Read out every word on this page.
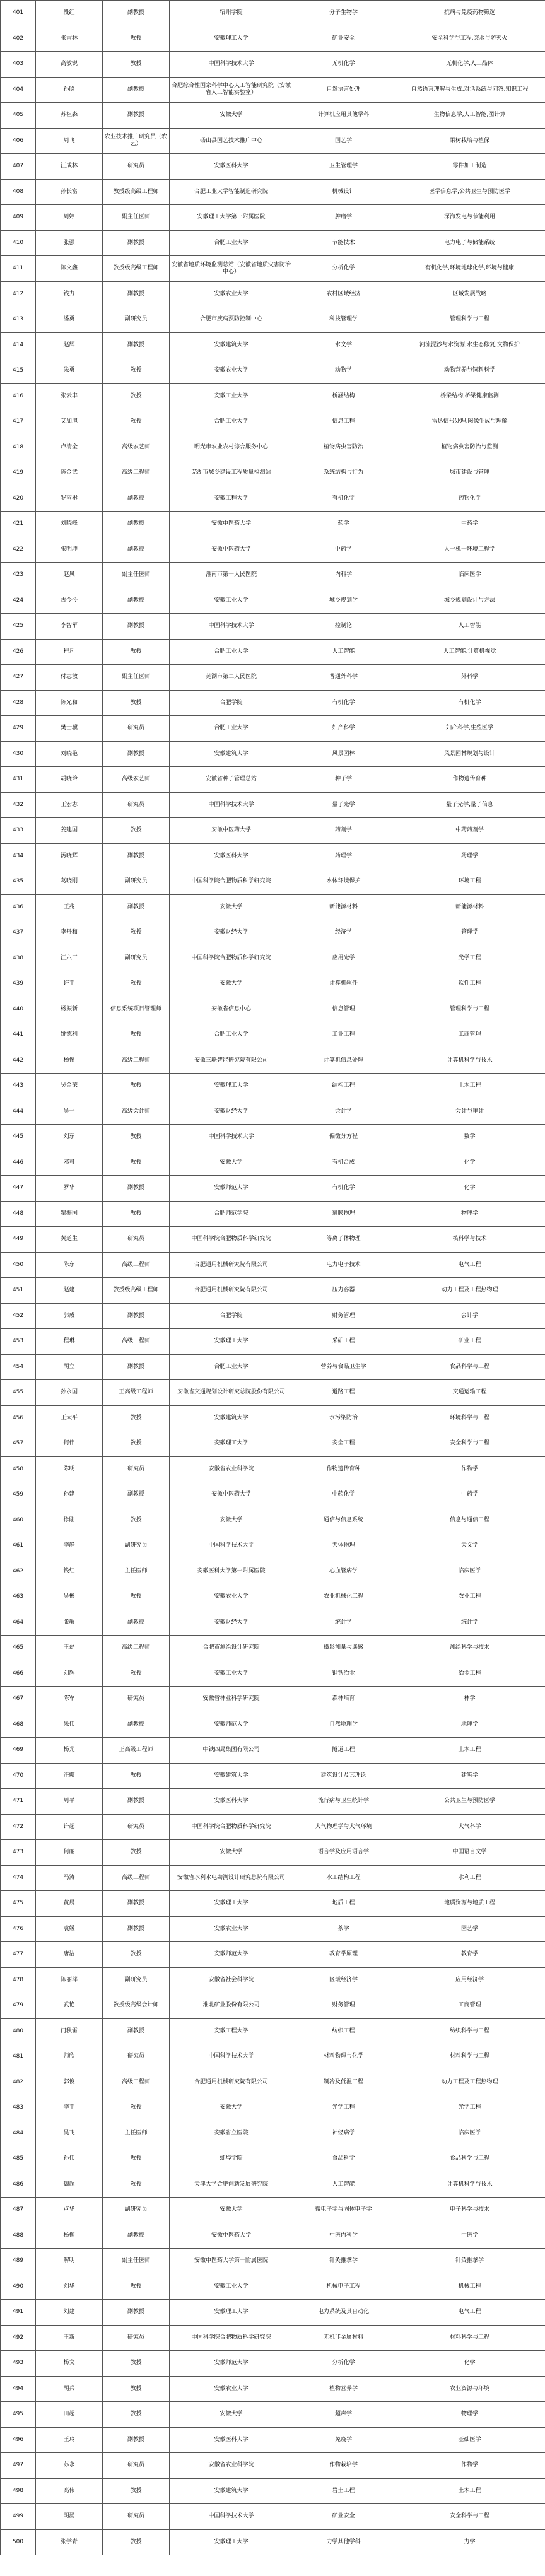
401	段红	副教授	宿州学院	分子生物学	抗病与免疫药物筛选
402	张雷林	教授	安徽理工大学	矿业安全	安全科学与工程,突水与防灭火
403	高敏锐	教授	中国科学技术大学	无机化学	无机化学,人工晶体
404	孙晓	副教授	合肥综合性国家科学中心人工智能研究院（安徽省人工智能实验室）	自然语言处理	自然语言理解与生成,对话系统与问答,知识工程
405	苏祖森	副教授	安徽大学	计算机应用其他学科	生物信息学,人工智能,图计算
406	周飞	农业技术推广研究员（农艺）	砀山县园艺技术推广中心	园艺学	果树栽培与植保
407	汪成林	研究员	安徽医科大学	卫生管理学	零件加工制造
408	孙长富	教授级高级工程师	合肥工业大学智能制造研究院	机械设计	医学信息学,公共卫生与预防医学
409	周婷	副主任医师	安徽理工大学第一附属医院	肿瘤学	深海发电与节能利用
410	张强	副教授	合肥工业大学	节能技术	电力电子与储能系统
411	陈文鑫	教授级高级工程师	安徽省地质环境监测总站（安徽省地质灾害防治中心）	分析化学	有机化学,环境地球化学,环境与健康
412	钱力	副教授	安徽农业大学	农村区域经济	区域发展战略
413	潘勇	副研究员	合肥市疾病预防控制中心	科技管理学	管理科学与工程
414	赵辉	副教授	安徽建筑大学	水文学	河流泥沙与水资源,水生态修复,文物保护
415	朱勇	教授	安徽农业大学	动物学	动物营养与饲料科学
416	张云丰	教授	安徽工业大学	桥涵结构	桥梁结构,桥梁健康监测
417	艾加旭	教授	合肥工业大学	信息工程	雷达信号处理,图像生成与理解
418	卢清全	高级农艺师	明光市农业农村综合服务中心	植物病虫害防治	植物病虫害防治与监测
419	陈金武	高级工程师	芜湖市城乡建设工程质量检测站	系统结构与行为	城市建设与管理
420	罗雨彬	副教授	安徽工程大学	有机化学	药物化学
421	刘晓峰	副教授	安徽中医药大学	药学	中药学
422	张明坤	副教授	安徽中医药大学	中药学	人一机一环境工程学
423	赵凤	副主任医师	淮南市第一人民医院	内科学	临床医学
424	古今今	副教授	安徽工业大学	城乡规划学	城乡规划设计与方法
425	李智军	副教授	中国科学技术大学	控制论	人工智能
426	程凡	教授	合肥工业大学	人工智能	人工智能,计算机视觉
427	付志敏	副主任医师	芜湖市第二人民医院	普通外科学	外科学
428	陈光和	教授	合肥学院	有机化学	有机化学
429	樊士骥	研究员	合肥工业大学	妇产科学	妇产科学,生殖医学
430	刘晓艳	副教授	安徽建筑大学	风景园林	风景园林规划与设计
431	胡晓玲	高级农艺师	安徽省种子管理总站	种子学	作物遗传育种
432	王宏志	研究员	中国科学技术大学	量子光学	量子光学,量子信息
433	姜建国	教授	安徽中医药大学	药剂学	中药药剂学
434	汤晓辉	副教授	安徽医科大学	药理学	药理学
435	葛晓刚	副研究员	中国科学院合肥物质科学研究院	水体环境保护	环境工程
436	王兆	副教授	安徽大学	新能源材料	新能源材料
437	李丹和	教授	安徽财经大学	经济学	管理学
438	汪六三	副研究员	中国科学院合肥物质科学研究院	应用光学	光学工程
439	许平	教授	安徽大学	计算机软件	软件工程
440	杨振新	信息系统项目管理师	安徽省信息中心	信息管理	管理科学与工程
441	姚德利	教授	合肥工业大学	工业工程	工商管理
442	杨俊	高级工程师	安徽三联智能研究院有限公司	计算机信息处理	计算机科学与技术
443	吴金荣	教授	安徽理工大学	结构工程	土木工程
444	吴一	高级会计师	安徽财经大学	会计学	会计与审计
445	刘东	教授	中国科学技术大学	偏微分方程	数学
446	邓可	教授	安徽大学	有机合成	化学
447	罗华	副教授	安徽师范大学	有机化学	化学
448	瞿振国	教授	合肥师范学院	薄膜物理	物理学
449	黄道生	研究员	中国科学院合肥物质科学研究院	等离子体物理	核科学与技术
450	陈东	高级工程师	合肥通用机械研究院有限公司	电力电子技术	电气工程
451	赵建	教授级高级工程师	合肥通用机械研究院有限公司	压力容器	动力工程及工程热物理
452	郭成	副教授	合肥学院	财务管理	会计学
453	程琳	高级工程师	安徽理工大学	采矿工程	矿业工程
454	胡立	副教授	合肥工业大学	营养与食品卫生学	食品科学与工程
455	孙永国	正高级工程师	安徽省交通规划设计研究总院股份有限公司	道路工程	交通运输工程
456	王大平	教授	安徽建筑大学	水污染防治	环境科学与工程
457	何伟	教授	安徽理工大学	安全工程	安全科学与工程
458	陈明	研究员	安徽省农业科学院	作物遗传育种	作物学
459	孙建	副教授	安徽中医药大学	中药化学	中药学
460	徐刚	教授	安徽大学	通信与信息系统	信息与通信工程
461	李静	副研究员	中国科学技术大学	天体物理	天文学
462	钱红	主任医师	安徽医科大学第一附属医院	心血管病学	临床医学
463	吴彬	教授	安徽农业大学	农业机械化工程	农业工程
464	张敏	副教授	安徽财经大学	统计学	统计学
465	王磊	高级工程师	合肥市测绘设计研究院	摄影测量与遥感	测绘科学与技术
466	刘辉	教授	安徽工业大学	钢铁冶金	冶金工程
467	陈军	研究员	安徽省林业科学研究院	森林培育	林学
468	朱伟	副教授	安徽师范大学	自然地理学	地理学
469	杨光	正高级工程师	中铁四局集团有限公司	隧道工程	土木工程
470	汪娜	教授	安徽建筑大学	建筑设计及其理论	建筑学
471	周平	副教授	安徽医科大学	流行病与卫生统计学	公共卫生与预防医学
472	许超	研究员	中国科学院合肥物质科学研究院	大气物理学与大气环境	大气科学
473	何丽	教授	安徽大学	语言学及应用语言学	中国语言文学
474	马涛	高级工程师	安徽省水利水电勘测设计研究总院有限公司	水工结构工程	水利工程
475	黄晨	副教授	安徽理工大学	地质工程	地质资源与地质工程
476	袁媛	副教授	安徽农业大学	茶学	园艺学
477	唐洁	教授	安徽师范大学	教育学原理	教育学
478	陈丽萍	副研究员	安徽省社会科学院	区域经济学	应用经济学
479	武艳	教授级高级会计师	淮北矿业股份有限公司	财务管理	工商管理
480	门秋雷	副教授	安徽工程大学	纺织工程	纺织科学与工程
481	师欣	研究员	中国科学技术大学	材料物理与化学	材料科学与工程
482	郭俊	高级工程师	合肥通用机械研究院有限公司	制冷及低温工程	动力工程及工程热物理
483	李平	教授	安徽大学	光学工程	光学工程
484	吴飞	主任医师	安徽省立医院	神经病学	临床医学
485	孙伟	教授	蚌埠学院	食品科学	食品科学与工程
486	魏超	教授	天津大学合肥创新发展研究院	人工智能	计算机科学与技术
487	卢华	副研究员	安徽大学	微电子学与固体电子学	电子科学与技术
488	杨柳	副教授	安徽中医药大学	中医内科学	中医学
489	解明	副主任医师	安徽中医药大学第一附属医院	针灸推拿学	针灸推拿学
490	刘华	教授	安徽工业大学	机械电子工程	机械工程
491	刘建	副教授	安徽理工大学	电力系统及其自动化	电气工程
492	王新	研究员	中国科学院合肥物质科学研究院	无机非金属材料	材料科学与工程
493	杨文	教授	安徽师范大学	分析化学	化学
494	胡兵	教授	安徽农业大学	植物营养学	农业资源与环境
495	田超	教授	安徽大学	超声学	物理学
496	王玲	副教授	安徽医科大学	免疫学	基础医学
497	苏永	研究员	安徽省农业科学院	作物栽培学	作物学
498	高伟	教授	安徽建筑大学	岩土工程	土木工程
499	胡涌	研究员	中国科学技术大学	矿业安全	安全科学与工程
500	张学青	教授	安徽理工大学	力学其他学科	力学
